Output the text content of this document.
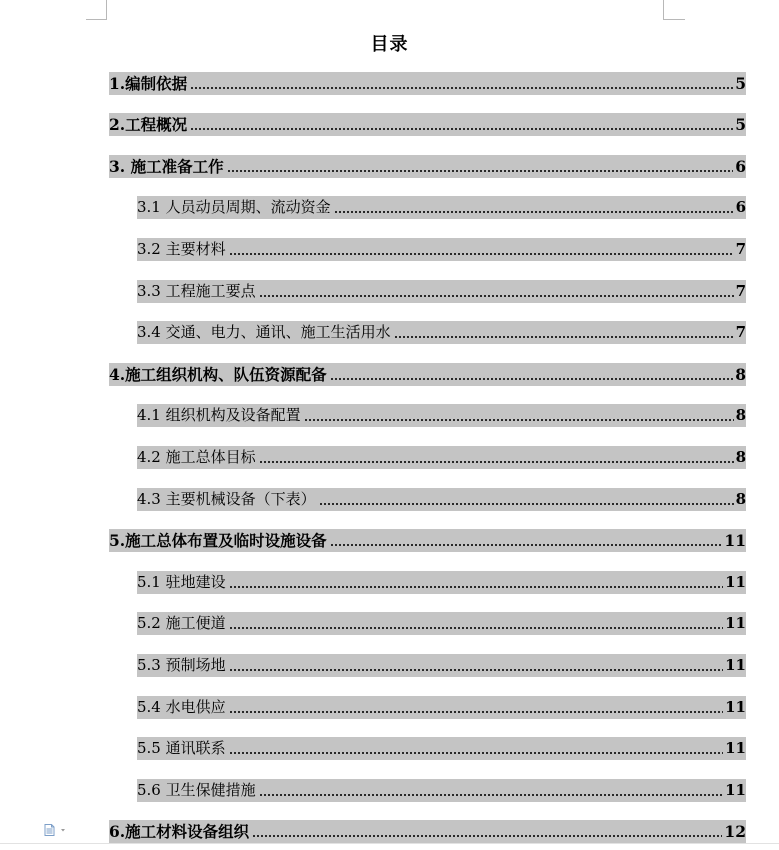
目录
1.编制依据	5
2.工程概况	5
3. 施工准备工作	6
3.1 人员动员周期、流动资金	6
3.2 主要材料	7
3.3 工程施工要点	7
3.4 交通、电力、通讯、施工生活用水	7
4.施工组织机构、队伍资源配备	8
4.1 组织机构及设备配置	8
4.2 施工总体目标	8
4.3 主要机械设备（下表）	8
5.施工总体布置及临时设施设备	11
5.1 驻地建设	11
5.2 施工便道	11
5.3 预制场地	11
5.4 水电供应	11
5.5 通讯联系	11
5.6 卫生保健措施	11
6.施工材料设备组织	12
